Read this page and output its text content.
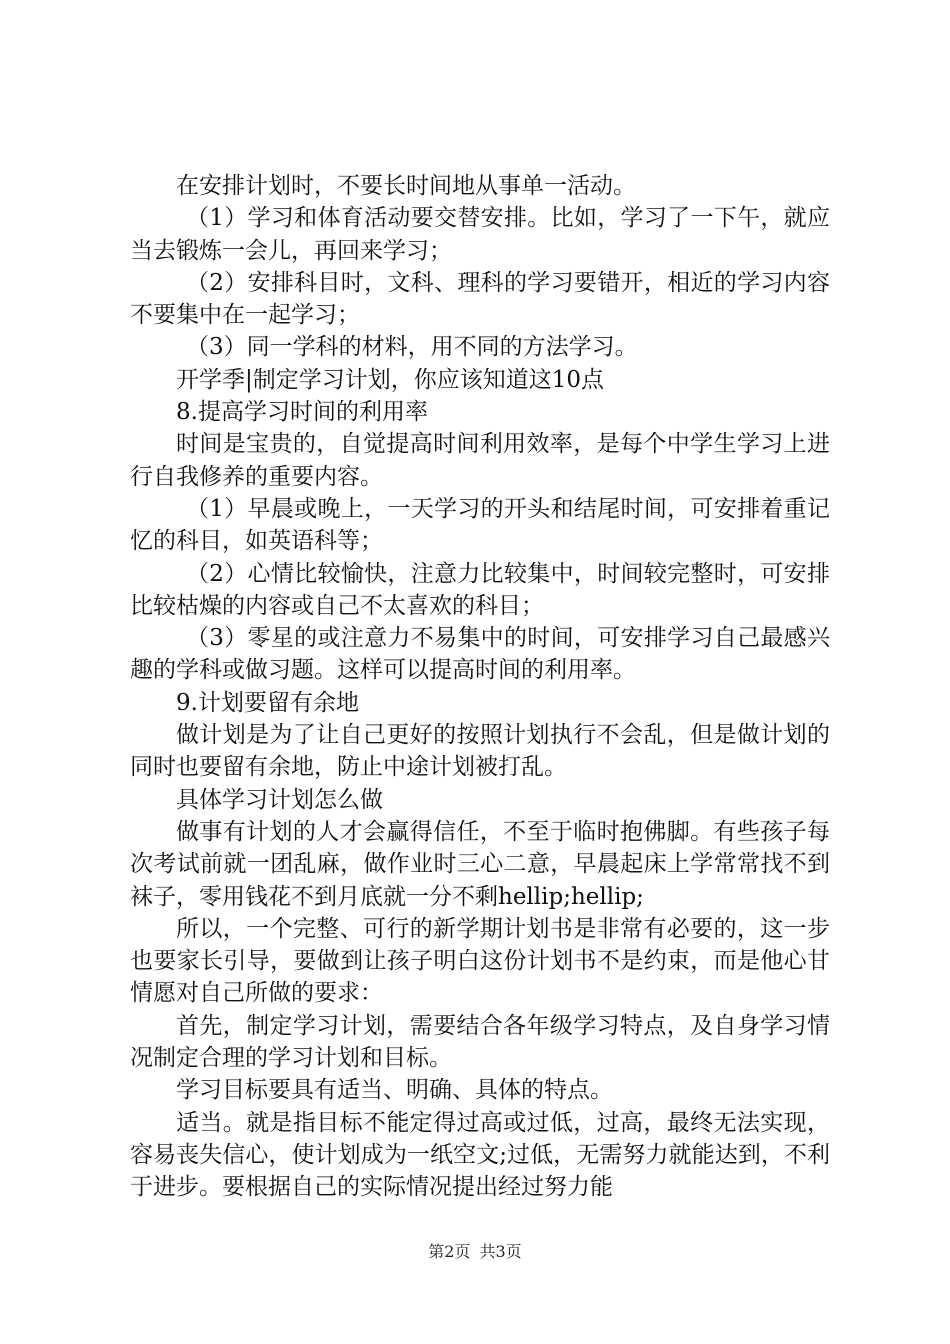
在安排计划时，不要长时间地从事单一活动。

（1）学习和体育活动要交替安排。比如，学习了一下午，就应当去锻炼一会儿，再回来学习；

（2）安排科目时，文科、理科的学习要错开，相近的学习内容不要集中在一起学习；

（3）同一学科的材料，用不同的方法学习。

开学季|制定学习计划，你应该知道这10点

8.提高学习时间的利用率

时间是宝贵的，自觉提高时间利用效率，是每个中学生学习上进行自我修养的重要内容。

（1）早晨或晚上，一天学习的开头和结尾时间，可安排着重记忆的科目，如英语科等；

（2）心情比较愉快，注意力比较集中，时间较完整时，可安排比较枯燥的内容或自己不太喜欢的科目；

（3）零星的或注意力不易集中的时间，可安排学习自己最感兴趣的学科或做习题。这样可以提高时间的利用率。

9.计划要留有余地

做计划是为了让自己更好的按照计划执行不会乱，但是做计划的同时也要留有余地，防止中途计划被打乱。

具体学习计划怎么做

做事有计划的人才会赢得信任，不至于临时抱佛脚。有些孩子每次考试前就一团乱麻，做作业时三心二意，早晨起床上学常常找不到袜子，零用钱花不到月底就一分不剩hellip;hellip;

所以，一个完整、可行的新学期计划书是非常有必要的，这一步也要家长引导，要做到让孩子明白这份计划书不是约束，而是他心甘情愿对自己所做的要求：

首先，制定学习计划，需要结合各年级学习特点，及自身学习情况制定合理的学习计划和目标。

学习目标要具有适当、明确、具体的特点。

适当。就是指目标不能定得过高或过低，过高，最终无法实现，容易丧失信心，使计划成为一纸空文;过低，无需努力就能达到，不利于进步。要根据自己的实际情况提出经过努力能

第2页 共3页
